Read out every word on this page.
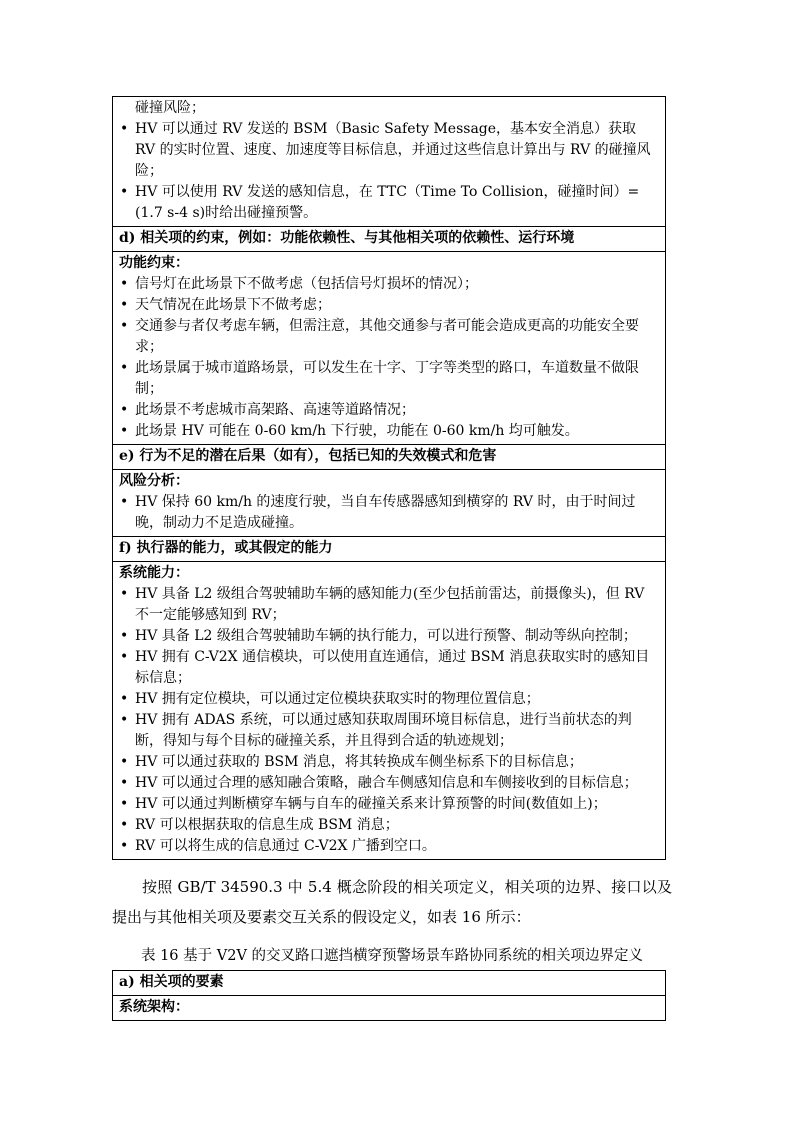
碰撞风险；
• HV 可以通过 RV 发送的 BSM（Basic Safety Message，基本安全消息）获取 RV 的实时位置、速度、加速度等目标信息，并通过这些信息计算出与 RV 的碰撞风险；
• HV 可以使用 RV 发送的感知信息，在 TTC（Time To Collision，碰撞时间）=(1.7 s-4 s)时给出碰撞预警。

d) 相关项的约束，例如：功能依赖性、与其他相关项的依赖性、运行环境

功能约束：
• 信号灯在此场景下不做考虑（包括信号灯损坏的情况）；
• 天气情况在此场景下不做考虑；
• 交通参与者仅考虑车辆，但需注意，其他交通参与者可能会造成更高的功能安全要求；
• 此场景属于城市道路场景，可以发生在十字、丁字等类型的路口，车道数量不做限制；
• 此场景不考虑城市高架路、高速等道路情况；
• 此场景 HV 可能在 0-60 km/h 下行驶，功能在 0-60 km/h 均可触发。

e) 行为不足的潜在后果（如有），包括已知的失效模式和危害

风险分析：
• HV 保持 60 km/h 的速度行驶，当自车传感器感知到横穿的 RV 时，由于时间过晚，制动力不足造成碰撞。

f) 执行器的能力，或其假定的能力

系统能力：
• HV 具备 L2 级组合驾驶辅助车辆的感知能力(至少包括前雷达，前摄像头)，但 RV 不一定能够感知到 RV；
• HV 具备 L2 级组合驾驶辅助车辆的执行能力，可以进行预警、制动等纵向控制；
• HV 拥有 C-V2X 通信模块，可以使用直连通信，通过 BSM 消息获取实时的感知目标信息；
• HV 拥有定位模块，可以通过定位模块获取实时的物理位置信息；
• HV 拥有 ADAS 系统，可以通过感知获取周围环境目标信息，进行当前状态的判断，得知与每个目标的碰撞关系，并且得到合适的轨迹规划；
• HV 可以通过获取的 BSM 消息，将其转换成车侧坐标系下的目标信息；
• HV 可以通过合理的感知融合策略，融合车侧感知信息和车侧接收到的目标信息；
• HV 可以通过判断横穿车辆与自车的碰撞关系来计算预警的时间(数值如上)；
• RV 可以根据获取的信息生成 BSM 消息；
• RV 可以将生成的信息通过 C-V2X 广播到空口。

按照 GB/T 34590.3 中 5.4 概念阶段的相关项定义，相关项的边界、接口以及提出与其他相关项及要素交互关系的假设定义，如表 16 所示：

表 16 基于 V2V 的交叉路口遮挡横穿预警场景车路协同系统的相关项边界定义
a) 相关项的要素

系统架构：
